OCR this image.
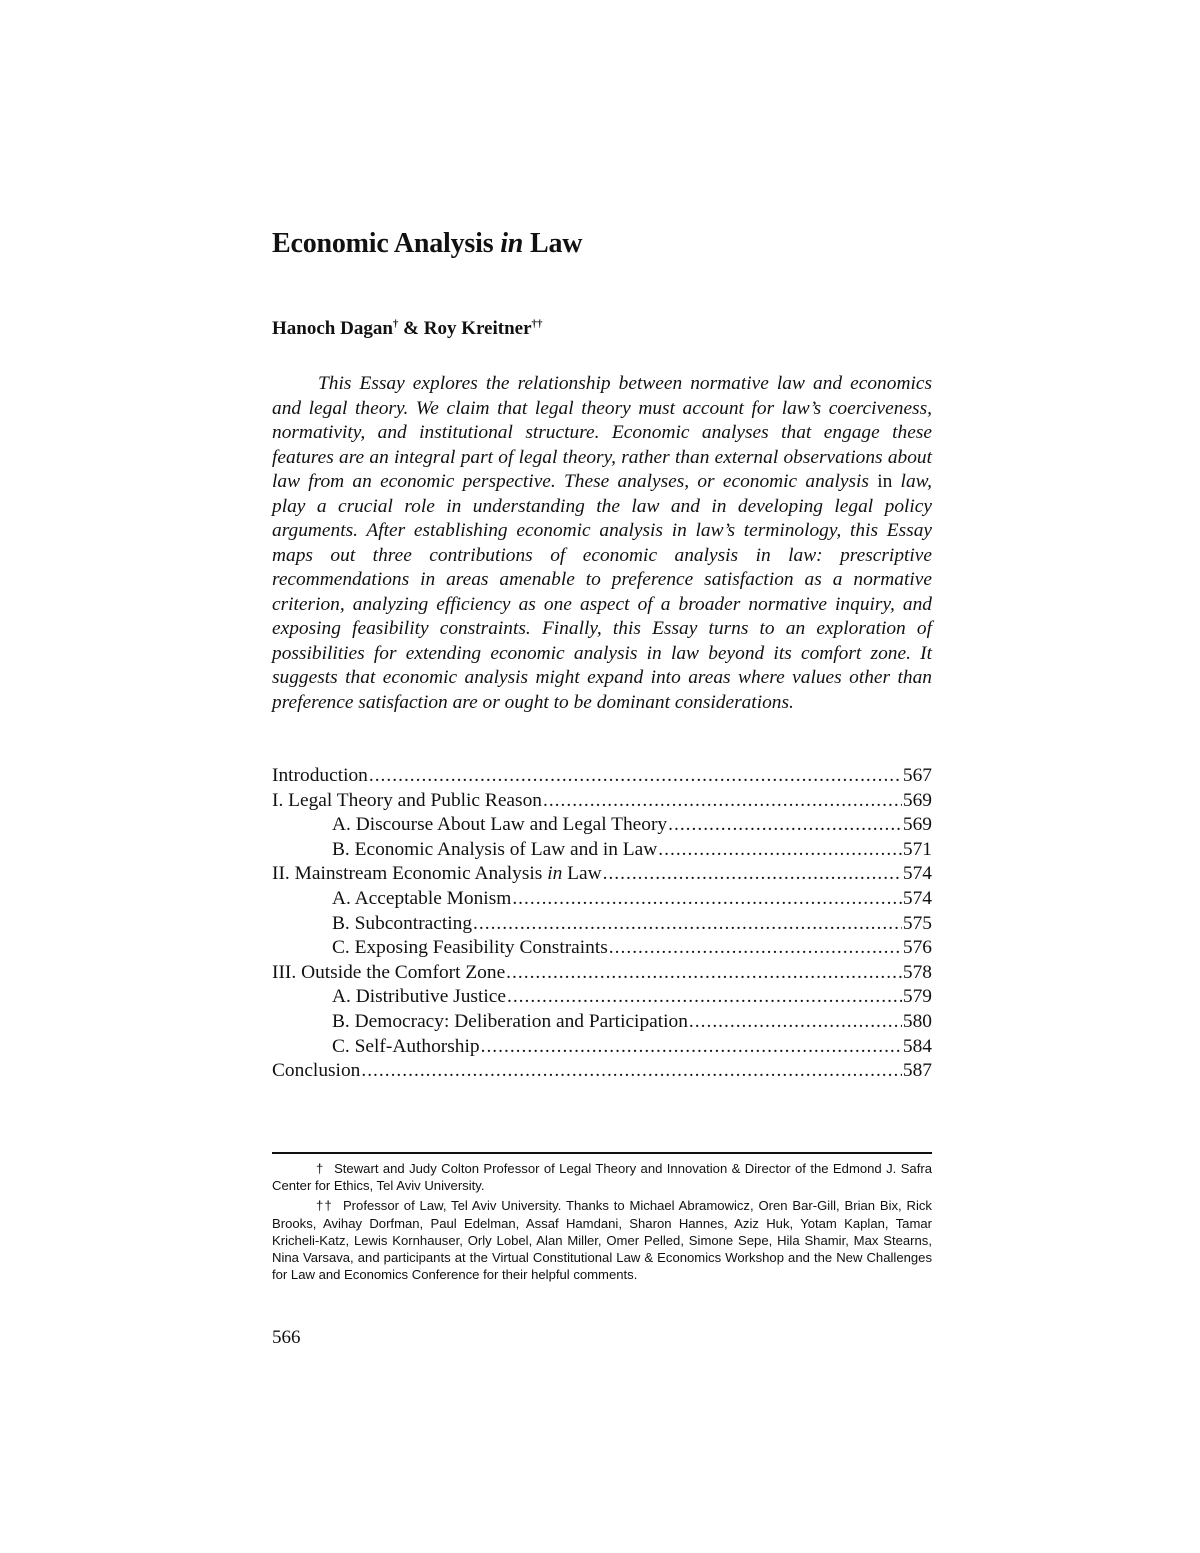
Economic Analysis in Law
Hanoch Dagan† & Roy Kreitner††

This Essay explores the relationship between normative law and economics and legal theory. We claim that legal theory must account for law’s coerciveness, normativity, and institutional structure. Economic analyses that engage these features are an integral part of legal theory, rather than external observations about law from an economic perspective. These analyses, or economic analysis in law, play a crucial role in understanding the law and in developing legal policy arguments. After establishing economic analysis in law’s terminology, this Essay maps out three contributions of economic analysis in law: prescriptive recommendations in areas amenable to preference satisfaction as a normative criterion, analyzing efficiency as one aspect of a broader normative inquiry, and exposing feasibility constraints. Finally, this Essay turns to an exploration of possibilities for extending economic analysis in law beyond its comfort zone. It suggests that economic analysis might expand into areas where values other than preference satisfaction are or ought to be dominant considerations.

Introduction .....	567
I. Legal Theory and Public Reason .....	569
A. Discourse About Law and Legal Theory .....	569
B. Economic Analysis of Law and in Law .....	571
II. Mainstream Economic Analysis in Law .....	574
A. Acceptable Monism .....	574
B. Subcontracting .....	575
C. Exposing Feasibility Constraints .....	576
III. Outside the Comfort Zone .....	578
A. Distributive Justice .....	579
B. Democracy: Deliberation and Participation .....	580
C. Self-Authorship .....	584
Conclusion .....	587

† Stewart and Judy Colton Professor of Legal Theory and Innovation & Director of the Edmond J. Safra Center for Ethics, Tel Aviv University.

†† Professor of Law, Tel Aviv University. Thanks to Michael Abramowicz, Oren Bar-Gill, Brian Bix, Rick Brooks, Avihay Dorfman, Paul Edelman, Assaf Hamdani, Sharon Hannes, Aziz Huk, Yotam Kaplan, Tamar Kricheli-Katz, Lewis Kornhauser, Orly Lobel, Alan Miller, Omer Pelled, Simone Sepe, Hila Shamir, Max Stearns, Nina Varsava, and participants at the Virtual Constitutional Law & Economics Workshop and the New Challenges for Law and Economics Conference for their helpful comments.

566
